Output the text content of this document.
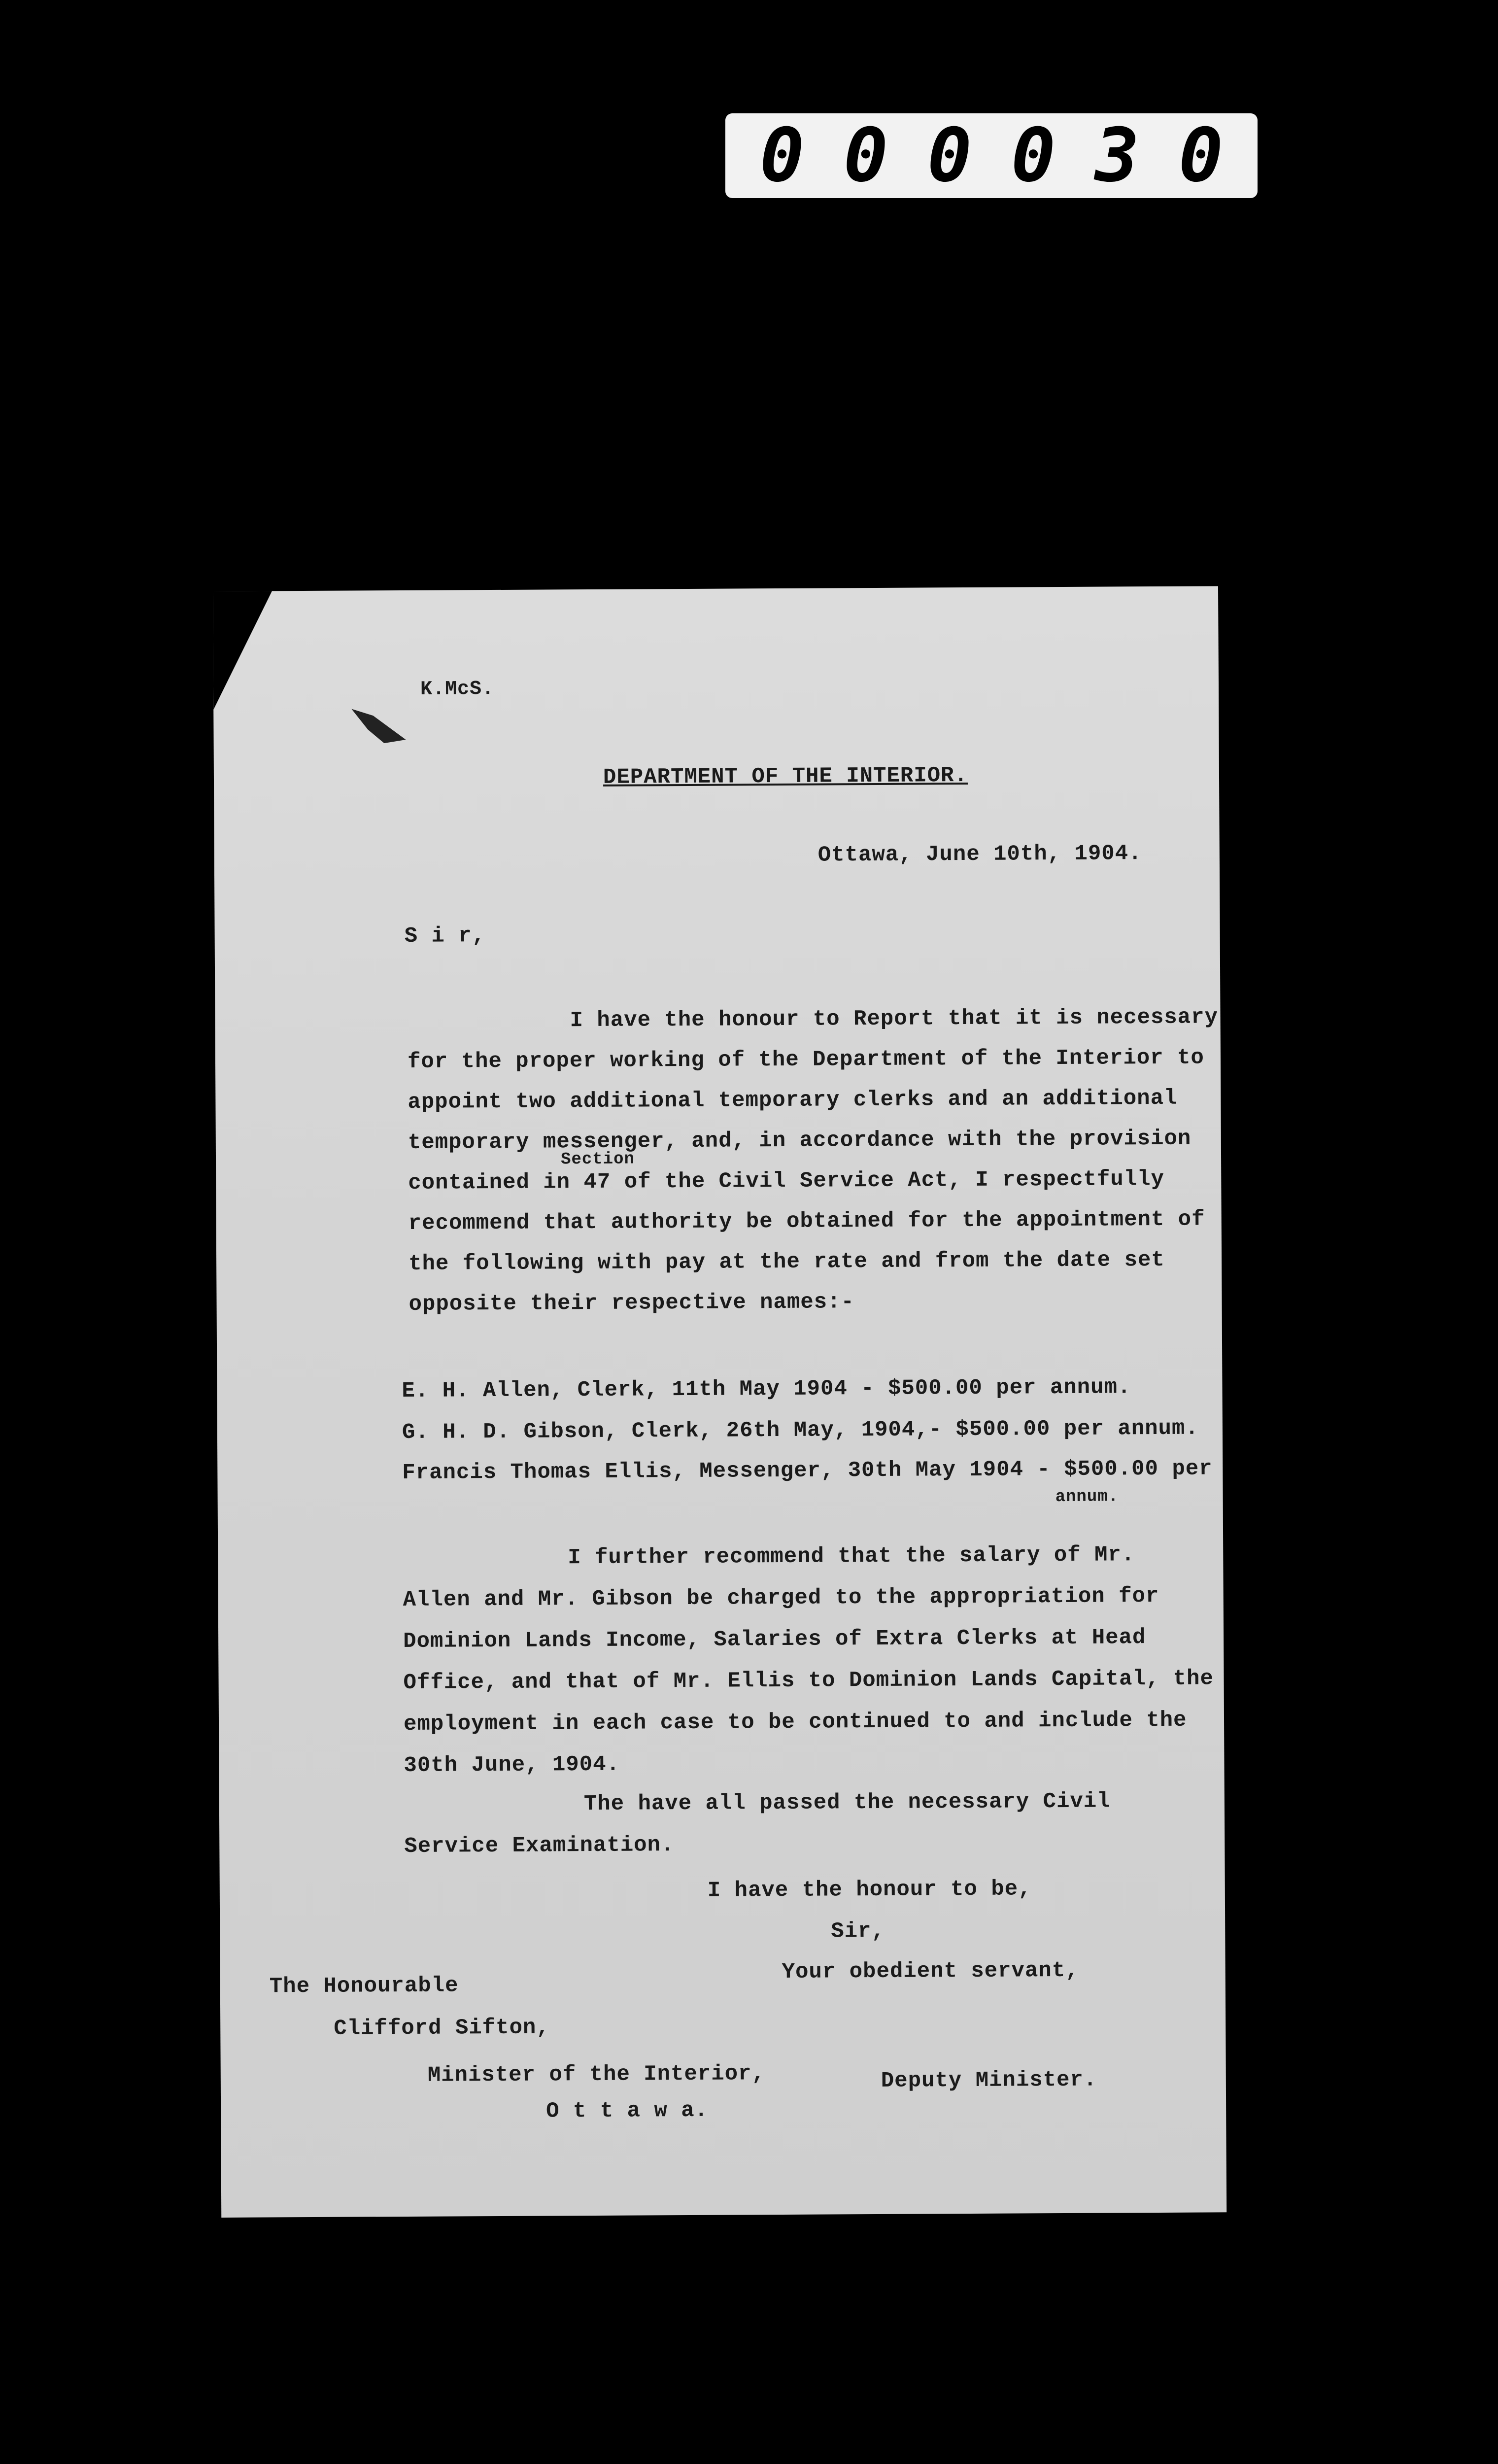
0 0 0 0 3 0
K.McS.
DEPARTMENT OF THE INTERIOR.
Ottawa, June 10th, 1904.
S i r,
I have the honour to Report that it is necessary
for the proper working of the Department of the Interior to
appoint two additional temporary clerks and an additional
temporary messenger, and, in accordance with the provision
Section
contained in 47 of the Civil Service Act, I respectfully
recommend that authority be obtained for the appointment of
the following with pay at the rate and from the date set
opposite their respective names:-
E. H. Allen, Clerk, 11th May 1904 - $500.00 per annum.
G. H. D. Gibson, Clerk, 26th May, 1904,- $500.00 per annum.
Francis Thomas Ellis, Messenger, 30th May 1904 - $500.00 per
annum.
I further recommend that the salary of Mr.
Allen and Mr. Gibson be charged to the appropriation for
Dominion Lands Income, Salaries of Extra Clerks at Head
Office, and that of Mr. Ellis to Dominion Lands Capital, the
employment in each case to be continued to and include the
30th June, 1904.
The have all passed the necessary Civil
Service Examination.
I have the honour to be,
Sir,
Your obedient servant,
The Honourable
Clifford Sifton,
Minister of the Interior,
O t t a w a.
Deputy Minister.
